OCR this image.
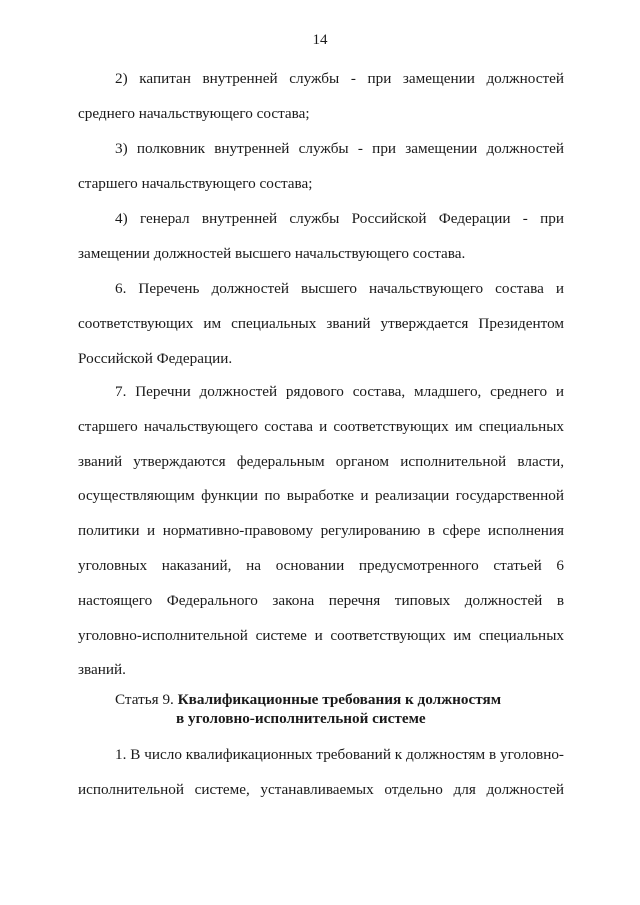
14
2) капитан внутренней службы - при замещении должностей
среднего начальствующего состава;
3) полковник внутренней службы - при замещении должностей
старшего начальствующего состава;
4) генерал внутренней службы Российской Федерации - при
замещении должностей высшего начальствующего состава.
6. Перечень должностей высшего начальствующего состава и
соответствующих им специальных званий утверждается Президентом
Российской Федерации.
7. Перечни должностей рядового состава, младшего, среднего и
старшего начальствующего состава и соответствующих им специальных
званий утверждаются федеральным органом исполнительной власти,
осуществляющим функции по выработке и реализации государственной
политики и нормативно-правовому регулированию в сфере исполнения
уголовных наказаний, на основании предусмотренного статьей 6
настоящего Федерального закона перечня типовых должностей в
уголовно-исполнительной системе и соответствующих им специальных
званий.
Статья 9. Квалификационные требования к должностям
в уголовно-исполнительной системе
1. В число квалификационных требований к должностям в уголовно-
исполнительной системе, устанавливаемых отдельно для должностей
